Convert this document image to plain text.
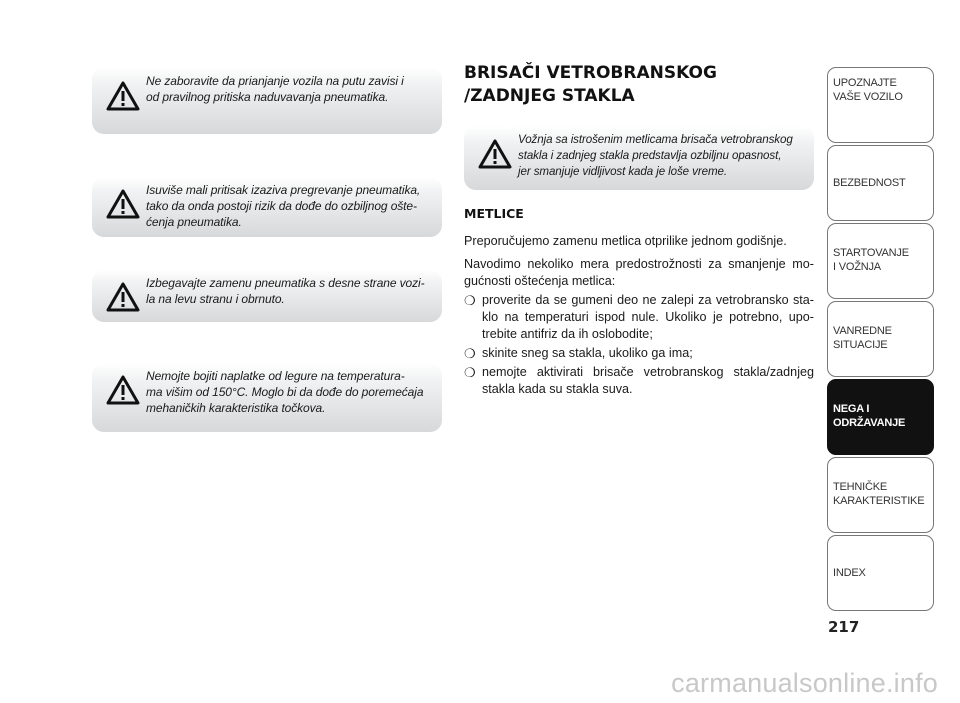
Ne zaboravite da prianjanje vozila na putu zavisi i
od pravilnog pritiska naduvavanja pneumatika.
Isuviše mali pritisak izaziva pregrevanje pneumatika,
tako da onda postoji rizik da dođe do ozbiljnog ošte-
ćenja pneumatika.
Izbegavajte zamenu pneumatika s desne strane vozi-
la na levu stranu i obrnuto.
Nemojte bojiti naplatke od legure na temperatura-
ma višim od 150°C. Moglo bi da dođe do poremećaja
mehaničkih karakteristika točkova.
BRISAČI VETROBRANSKOG
/ZADNJEG STAKLA
Vožnja sa istrošenim metlicama brisača vetrobranskog
stakla i zadnjeg stakla predstavlja ozbiljnu opasnost,
jer smanjuje vidljivost kada je loše vreme.
METLICE

Preporučujemo zamenu metlica otprilike jednom godišnje.

Navodimo nekoliko mera predostrožnosti za smanjenje mogućnosti oštećenja metlica:

❍ proverite da se gumeni deo ne zalepi za vetrobransko staklo na temperaturi ispod nule. Ukoliko je potrebno, upotrebite antifriz da ih oslobodite;
❍ skinite sneg sa stakla, ukoliko ga ima;
❍ nemojte aktivirati brisače vetrobranskog stakla/zadnjeg stakla kada su stakla suva.
UPOZNAJTE
VAŠE VOZILO
BEZBEDNOST
STARTOVANJE
I VOŽNJA
VANREDNE
SITUACIJE
NEGA I
ODRŽAVANJE
TEHNIČKE
KARAKTERISTIKE
INDEX
217
carmanualsonline.info
